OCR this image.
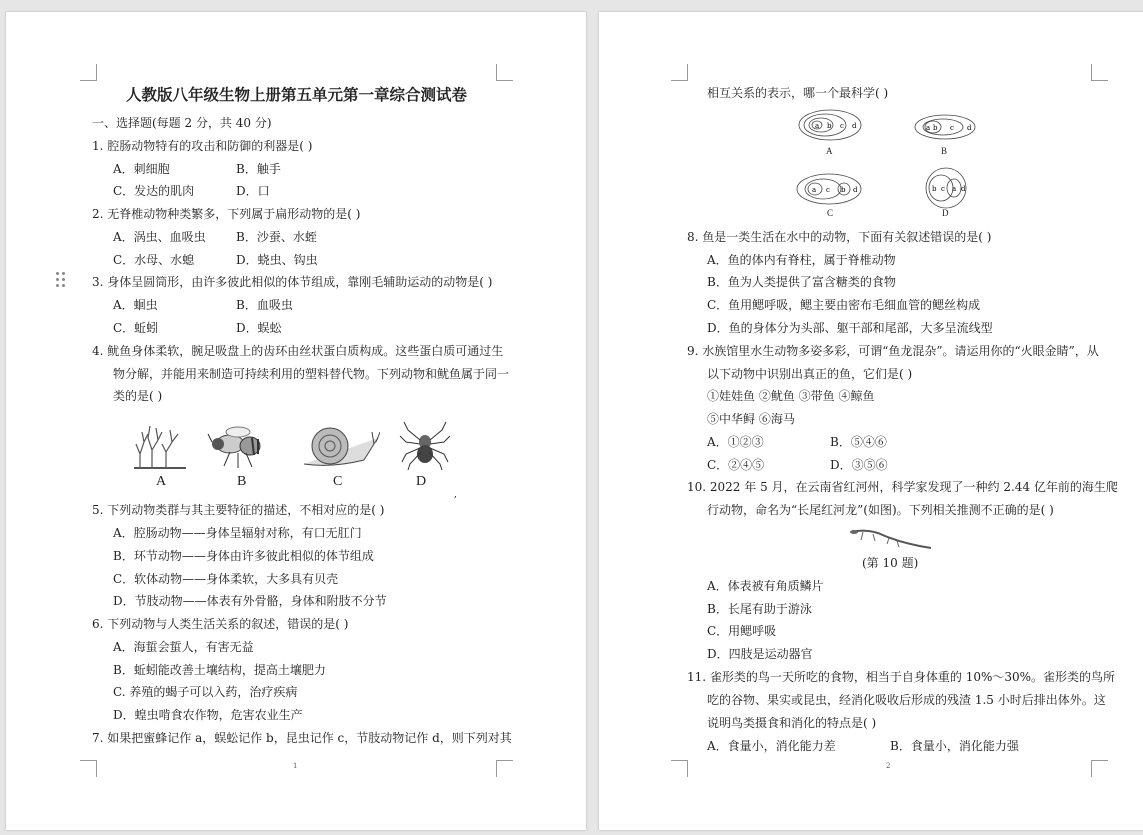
人教版八年级生物上册第五单元第一章综合测试卷
一、选择题(每题 2 分，共 40 分)
1. 腔肠动物特有的攻击和防御的利器是( )
A．刺细胞	B．触手
C．发达的肌肉	D．口
2. 无脊椎动物种类繁多，下列属于扁形动物的是( )
A．涡虫、血吸虫	B．沙蚕、水蛭
C．水母、水螅	D．蛲虫、钩虫
3. 身体呈圆筒形，由许多彼此相似的体节组成，靠刚毛辅助运动的动物是( )
A．蛔虫	B．血吸虫
C．蚯蚓	D．蜈蚣
4. 鱿鱼身体柔软，腕足吸盘上的齿环由丝状蛋白质构成。这些蛋白质可通过生
物分解，并能用来制造可持续利用的塑料替代物。下列动物和鱿鱼属于同一
类的是( )
A	B	C	D
,
5. 下列动物类群与其主要特征的描述，不相对应的是( )
A．腔肠动物——身体呈辐射对称，有口无肛门
B．环节动物——身体由许多彼此相似的体节组成
C．软体动物——身体柔软，大多具有贝壳
D．节肢动物——体表有外骨骼，身体和附肢不分节
6. 下列动物与人类生活关系的叙述，错误的是( )
A．海蜇会蜇人，有害无益
B．蚯蚓能改善土壤结构，提高土壤肥力
C. 养殖的蝎子可以入药，治疗疾病
D．蝗虫啃食农作物，危害农业生产
7. 如果把蜜蜂记作 a，蜈蚣记作 b，昆虫记作 c，节肢动物记作 d，则下列对其
1
相互关系的表示，哪一个最科学( )
a b c d	a b c d
A	B
a c b d	b c a d
C	D
8. 鱼是一类生活在水中的动物，下面有关叙述错误的是( )
A．鱼的体内有脊柱，属于脊椎动物
B．鱼为人类提供了富含糖类的食物
C．鱼用鳃呼吸，鳃主要由密布毛细血管的鳃丝构成
D．鱼的身体分为头部、躯干部和尾部，大多呈流线型
9. 水族馆里水生动物多姿多彩，可谓“鱼龙混杂”。请运用你的“火眼金睛”，从
以下动物中识别出真正的鱼，它们是( )
①娃娃鱼 ②鱿鱼 ③带鱼 ④鲸鱼
⑤中华鲟 ⑥海马
A．①②③	B．⑤④⑥
C．②④⑤	D．③⑤⑥
10. 2022 年 5 月，在云南省红河州，科学家发现了一种约 2.44 亿年前的海生爬
行动物，命名为“长尾红河龙”(如图)。下列相关推测不正确的是( )
(第 10 题)
A．体表被有角质鳞片
B．长尾有助于游泳
C．用鳃呼吸
D．四肢是运动器官
11. 雀形类的鸟一天所吃的食物，相当于自身体重的 10%～30%。雀形类的鸟所
吃的谷物、果实或昆虫，经消化吸收后形成的残渣 1.5 小时后排出体外。这
说明鸟类摄食和消化的特点是( )
A．食量小，消化能力差	B．食量小，消化能力强
2
